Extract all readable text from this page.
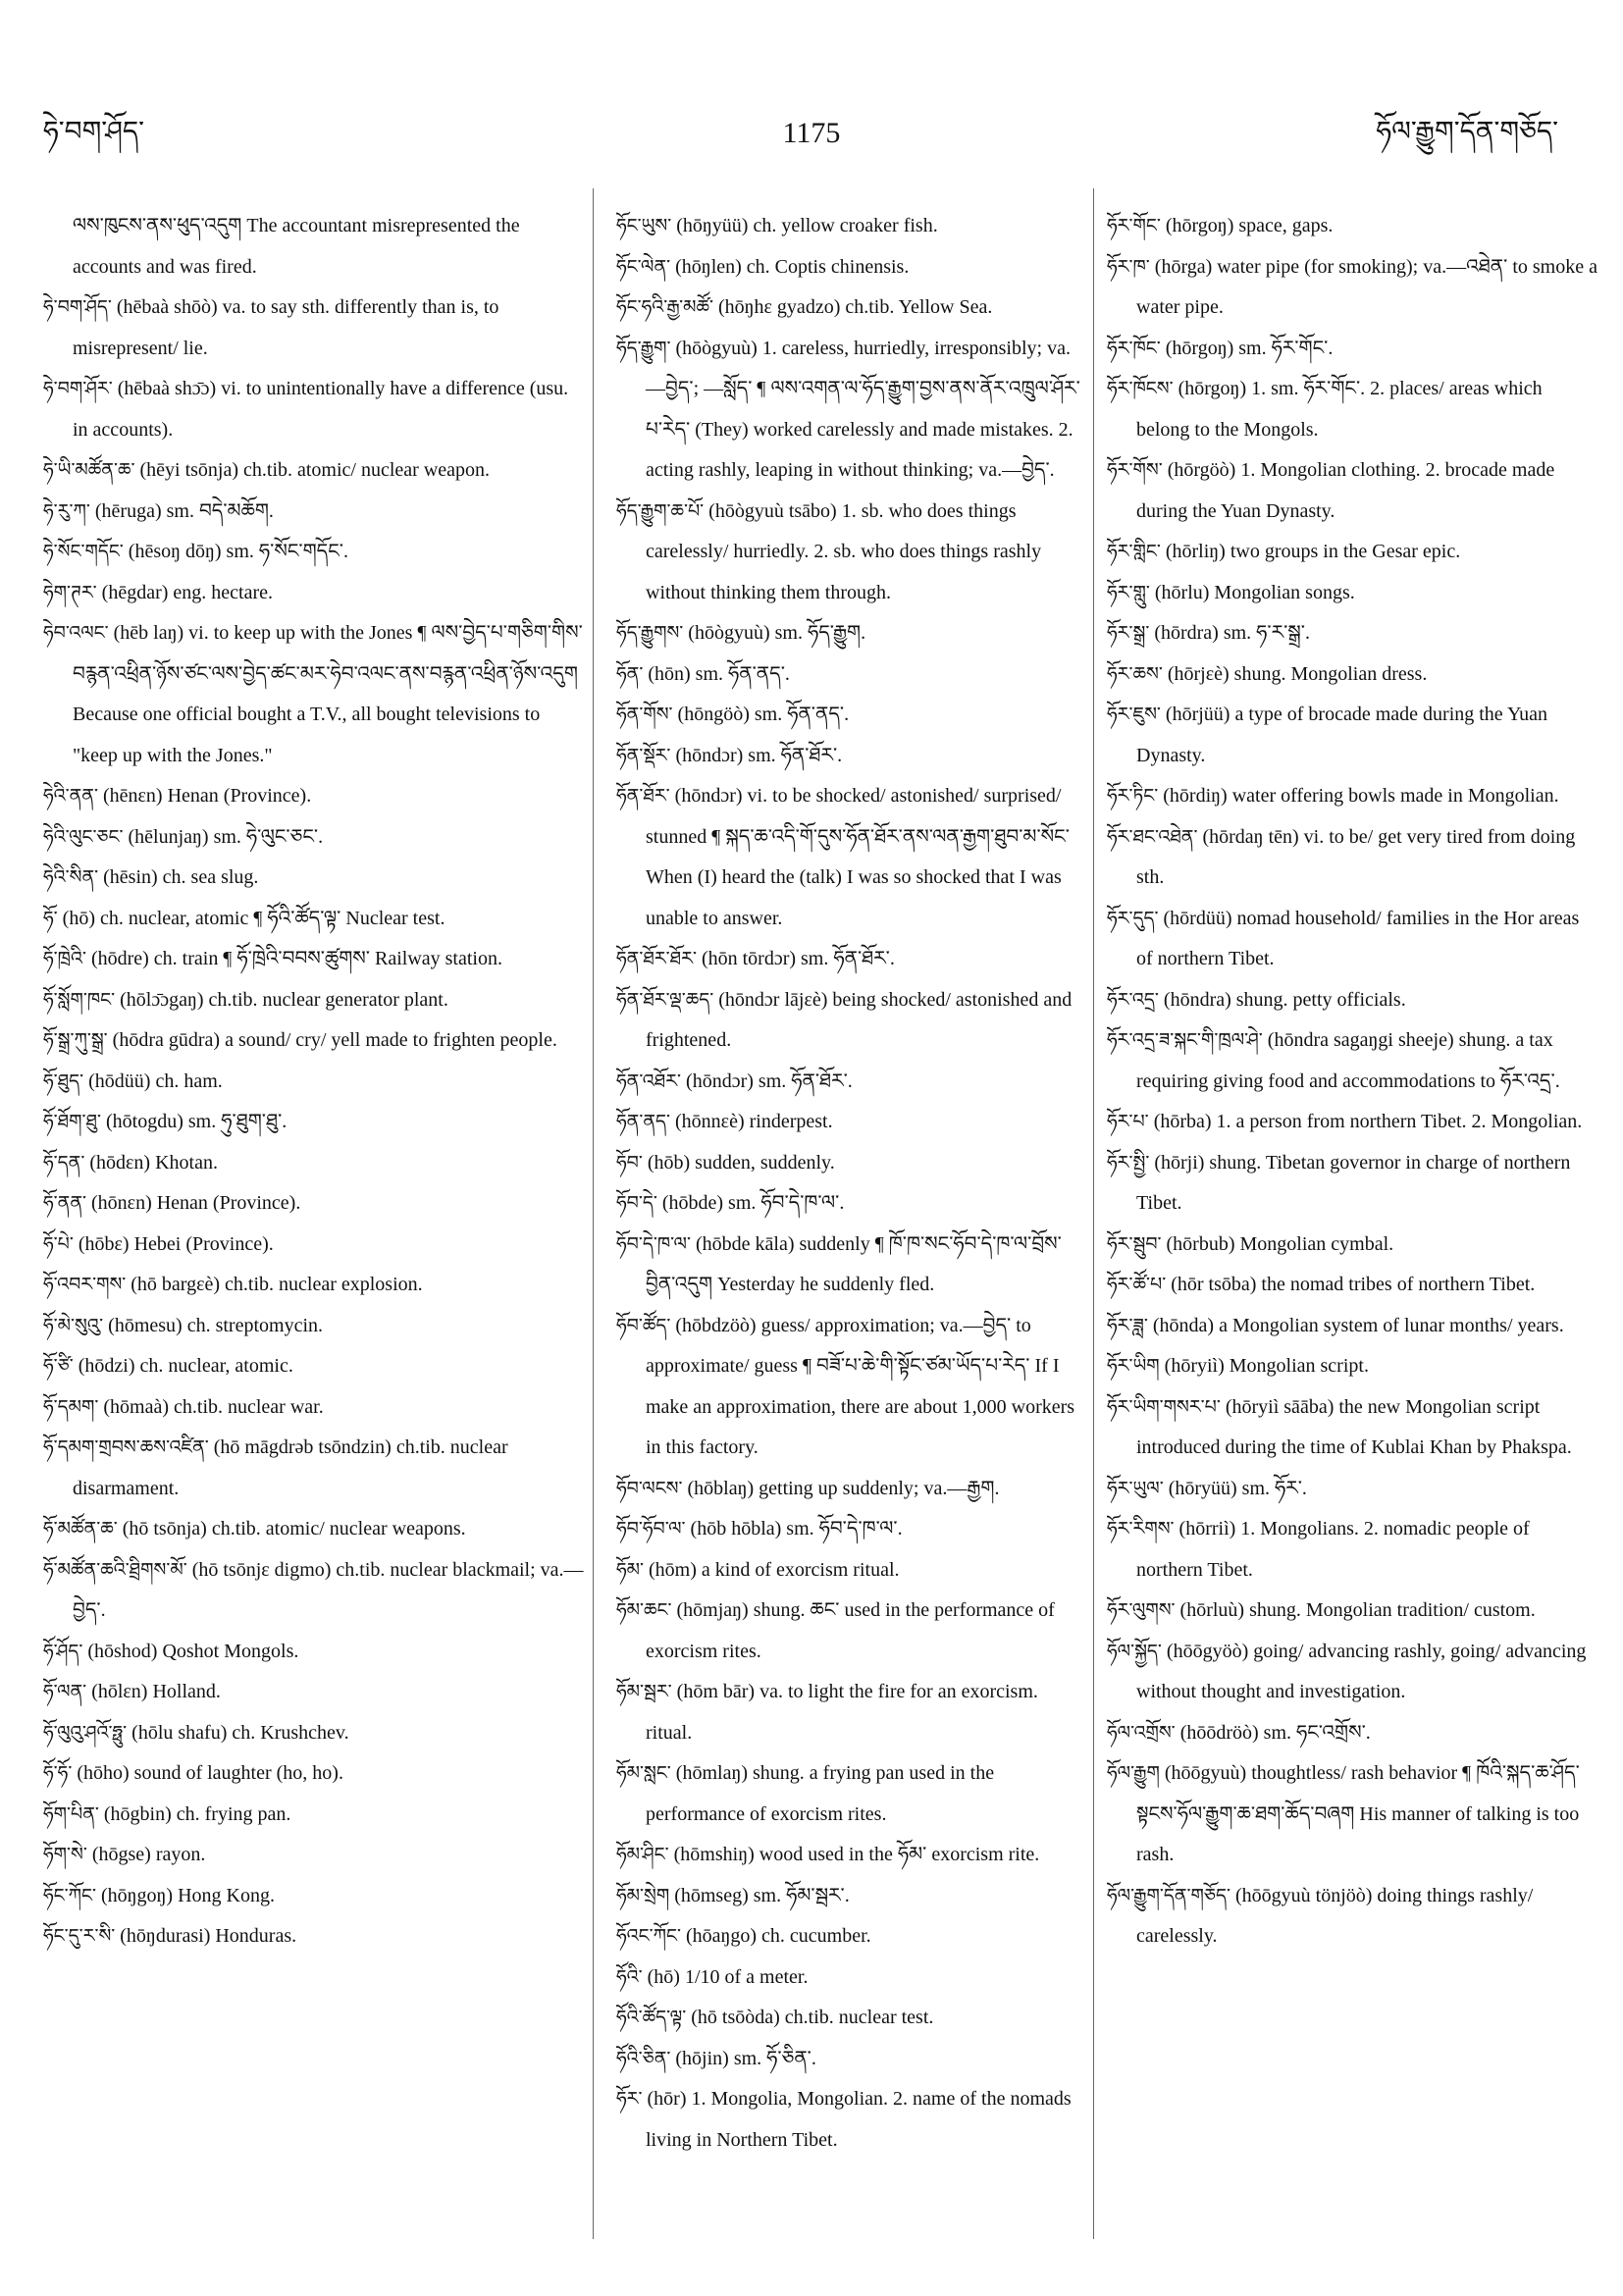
ཧེ་བག་ཤོད་	1175	ཧོལ་རྒྱུག་དོན་གཅོད་

ལས་ཁུངས་ནས་ཕུད་འདུག The accountant misrepresented the accounts and was fired.

ཧེ་བག་ཤོད་ (hēbaà shōò) va. to say sth. differently than is, to misrepresent/ lie.

ཧེ་བག་ཤོར་ (hēbaà shɔ̄ɔ) vi. to unintentionally have a difference (usu. in accounts).

ཧེ་ཡི་མཚོན་ཆ་ (hēyi tsōnja) ch.tib. atomic/ nuclear weapon.

ཧེ་རུ་ཀ་ (hēruga) sm. བདེ་མཆོག.

ཧེ་སོང་གདོང་ (hēsoŋ dōŋ) sm. ཧ་སོང་གདོང་.

ཧེག་ཊར་ (hēgdar) eng. hectare.

ཧེབ་འལང་ (hēb laŋ) vi. to keep up with the Jones ¶ ལས་བྱེད་པ་གཅིག་གིས་བརྙན་འཕྲིན་ཉོས་ཙང་ལས་བྱེད་ཚང་མར་ཧེབ་འལང་ནས་བརྙན་འཕྲིན་ཉོས་འདུག Because one official bought a T.V., all bought televisions to "keep up with the Jones."

ཧེའི་ནན་ (hēnɛn) Henan (Province).

ཧེའི་ལུང་ཅང་ (hēlunjaŋ) sm. ཧེ་ལུང་ཅང་.

ཧེའི་སིན་ (hēsin) ch. sea slug.

ཧོ་ (hō) ch. nuclear, atomic ¶ ཧོའི་ཚོད་ལྟ་ Nuclear test.

ཧོ་ཁྲེའི་ (hōdre) ch. train ¶ ཧོ་ཁྲེའི་བབས་ཚུགས་ Railway station.

ཧོ་སློག་ཁང་ (hōlɔ̄ɔgaŋ) ch.tib. nuclear generator plant.

ཧོ་སྒྲ་ཀུ་སྒྲ་ (hōdra gūdra) a sound/ cry/ yell made to frighten people.

ཧོ་ཐུད་ (hōdüü) ch. ham.

ཧོ་ཐོག་ཐུ་ (hōtogdu) sm. ཧུ་ཐུག་ཐུ་.

ཧོ་དན་ (hōdɛn) Khotan.

ཧོ་ནན་ (hōnɛn) Henan (Province).

ཧོ་པེ་ (hōbɛ) Hebei (Province).

ཧོ་འབར་གས་ (hō bargɛè) ch.tib. nuclear explosion.

ཧོ་མེ་སུའུ་ (hōmesu) ch. streptomycin.

ཧོ་ཙི་ (hōdzi) ch. nuclear, atomic.

ཧོ་དམག་ (hōmaà) ch.tib. nuclear war.

ཧོ་དམག་གྲབས་ཆས་འཛིན་ (hō māgdrəb tsōndzin) ch.tib. nuclear disarmament.

ཧོ་མཚོན་ཆ་ (hō tsōnja) ch.tib. atomic/ nuclear weapons.

ཧོ་མཚོན་ཆའི་ཐྲིགས་མོ་ (hō tsōnjɛ digmo) ch.tib. nuclear blackmail; va.—བྱེད་.

ཧོ་ཤོད་ (hōshod) Qoshot Mongols.

ཧོ་ལན་ (hōlɛn) Holland.

ཧོ་ལུའུ་ཤའོ་ཧྥུ་ (hōlu shafu) ch. Krushchev.

ཧོ་ཧོ་ (hōho) sound of laughter (ho, ho).

ཧོག་པིན་ (hōgbin) ch. frying pan.

ཧོག་སེ་ (hōgse) rayon.

ཧོང་ཀོང་ (hōŋgoŋ) Hong Kong.

ཧོང་དུ་ར་སི་ (hōŋdurasi) Honduras.

ཧོང་ཡུས་ (hōŋyüü) ch. yellow croaker fish.

ཧོང་ལེན་ (hōŋlen) ch. Coptis chinensis.

ཧོང་ཧའི་རྒྱ་མཚོ་ (hōŋhɛ gyadzo) ch.tib. Yellow Sea.

ཧོད་རྒྱུག་ (hōògyuù) 1. careless, hurriedly, irresponsibly; va.—བྱེད་; —སློད་ ¶ ལས་འགན་ལ་ཧོད་རྒྱུག་བྱས་ནས་ནོར་འཁྲུལ་ཤོར་པ་རེད་ (They) worked carelessly and made mistakes. 2. acting rashly, leaping in without thinking; va.—བྱེད་.

ཧོད་རྒྱུག་ཆ་པོ་ (hōògyuù tsābo) 1. sb. who does things carelessly/ hurriedly. 2. sb. who does things rashly without thinking them through.

ཧོད་རྒྱུགས་ (hōògyuù) sm. ཧོད་རྒྱུག.

ཧོན་ (hōn) sm. ཧོན་ནད་.

ཧོན་གོས་ (hōngöò) sm. ཧོན་ནད་.

ཧོན་སྡོར་ (hōndɔr) sm. ཧོན་ཐོར་.

ཧོན་ཐོར་ (hōndɔr) vi. to be shocked/ astonished/ surprised/ stunned ¶ སྐད་ཆ་འདི་གོ་དུས་ཧོན་ཐོར་ནས་ལན་རྒྱག་ཐུབ་མ་སོང་ When (I) heard the (talk) I was so shocked that I was unable to answer.

ཧོན་ཐོར་ཐོར་ (hōn tōrdɔr) sm. ཧོན་ཐོར་.

ཧོན་ཐོར་ལྡ་ཆད་ (hōndɔr lājɛè) being shocked/ astonished and frightened.

ཧོན་འཐོར་ (hōndɔr) sm. ཧོན་ཐོར་.

ཧོན་ནད་ (hōnnɛè) rinderpest.

ཧོབ་ (hōb) sudden, suddenly.

ཧོབ་དེ་ (hōbde) sm. ཧོབ་དེ་ཁ་ལ་.

ཧོབ་དེ་ཁ་ལ་ (hōbde kāla) suddenly ¶ ཁོ་ཁ་སང་ཧོབ་དེ་ཁ་ལ་བྲོས་བྱིན་འདུག Yesterday he suddenly fled.

ཧོབ་ཚོད་ (hōbdzöò) guess/ approximation; va.—བྱེད་ to approximate/ guess ¶ བཟོ་པ་ཆེ་གི་སྟོང་ཙམ་ཡོད་པ་རེད་ If I make an approximation, there are about 1,000 workers in this factory.

ཧོབ་ལངས་ (hōblaŋ) getting up suddenly; va.—རྒྱག.

ཧོབ་ཧོབ་ལ་ (hōb hōbla) sm. ཧོབ་དེ་ཁ་ལ་.

ཧོམ་ (hōm) a kind of exorcism ritual.

ཧོམ་ཆང་ (hōmjaŋ) shung. ཆང་ used in the performance of exorcism rites.

ཧོམ་སྦར་ (hōm bār) va. to light the fire for an exorcism. ritual.

ཧོམ་སླང་ (hōmlaŋ) shung. a frying pan used in the performance of exorcism rites.

ཧོམ་ཤིང་ (hōmshiŋ) wood used in the ཧོམ་ exorcism rite.

ཧོམ་སྲེག (hōmseg) sm. ཧོམ་སྦར་.

ཧོའང་ཀོང་ (hōaŋgo) ch. cucumber.

ཧོའི་ (hō) 1/10 of a meter.

ཧོའི་ཚོད་ལྟ་ (hō tsōòda) ch.tib. nuclear test.

ཧོའི་ཅིན་ (hōjin) sm. ཧོ་ཅིན་.

ཧོར་ (hōr) 1. Mongolia, Mongolian. 2. name of the nomads living in Northern Tibet.

ཧོར་གོང་ (hōrgoŋ) space, gaps.

ཧོར་ཁ་ (hōrga) water pipe (for smoking); va.—འཐེན་ to smoke a water pipe.

ཧོར་ཁོང་ (hōrgoŋ) sm. ཧོར་གོང་.

ཧོར་ཁོངས་ (hōrgoŋ) 1. sm. ཧོར་གོང་. 2. places/ areas which belong to the Mongols.

ཧོར་གོས་ (hōrgöò) 1. Mongolian clothing. 2. brocade made during the Yuan Dynasty.

ཧོར་གླིང་ (hōrliŋ) two groups in the Gesar epic.

ཧོར་གླུ་ (hōrlu) Mongolian songs.

ཧོར་སྒྲ་ (hōrdra) sm. ཧ་ར་སྒྲ་.

ཧོར་ཆས་ (hōrjɛè) shung. Mongolian dress.

ཧོར་ཇུས་ (hōrjüü) a type of brocade made during the Yuan Dynasty.

ཧོར་ཏིང་ (hōrdiŋ) water offering bowls made in Mongolian.

ཧོར་ཐང་འཐེན་ (hōrdaŋ tēn) vi. to be/ get very tired from doing sth.

ཧོར་དུད་ (hōrdüü) nomad household/ families in the Hor areas of northern Tibet.

ཧོར་འདྲ་ (hōndra) shung. petty officials.

ཧོར་འདྲ་ཟ་སྐང་གི་ཁྲལ་ཤེ་ (hōndra sagaŋgi sheeje) shung. a tax requiring giving food and accommodations to ཧོར་འདྲ་.

ཧོར་པ་ (hōrba) 1. a person from northern Tibet. 2. Mongolian.

ཧོར་སྤྱི་ (hōrji) shung. Tibetan governor in charge of northern Tibet.

ཧོར་སྦུབ་ (hōrbub) Mongolian cymbal.

ཧོར་ཚོ་པ་ (hōr tsōba) the nomad tribes of northern Tibet.

ཧོར་ཟླ་ (hōnda) a Mongolian system of lunar months/ years.

ཧོར་ཡིག (hōryiì) Mongolian script.

ཧོར་ཡིག་གསར་པ་ (hōryiì sāāba) the new Mongolian script introduced during the time of Kublai Khan by Phakspa.

ཧོར་ཡུལ་ (hōryüü) sm. ཧོར་.

ཧོར་རིགས་ (hōrriì) 1. Mongolians. 2. nomadic people of northern Tibet.

ཧོར་ལུགས་ (hōrluù) shung. Mongolian tradition/ custom.

ཧོལ་སྐྱོད་ (hōōgyöò) going/ advancing rashly, going/ advancing without thought and investigation.

ཧོལ་འགྲོས་ (hōōdröò) sm. ཧང་འགྲོས་.

ཧོལ་རྒྱུག (hōōgyuù) thoughtless/ rash behavior ¶ ཁོའི་སྐད་ཆ་ཤོད་སྟངས་ཧོལ་རྒྱུག་ཆ་ཐག་ཆོད་བཞག His manner of talking is too rash.

ཧོལ་རྒྱུག་དོན་གཅོད་ (hōōgyuù tönjöò) doing things rashly/ carelessly.
